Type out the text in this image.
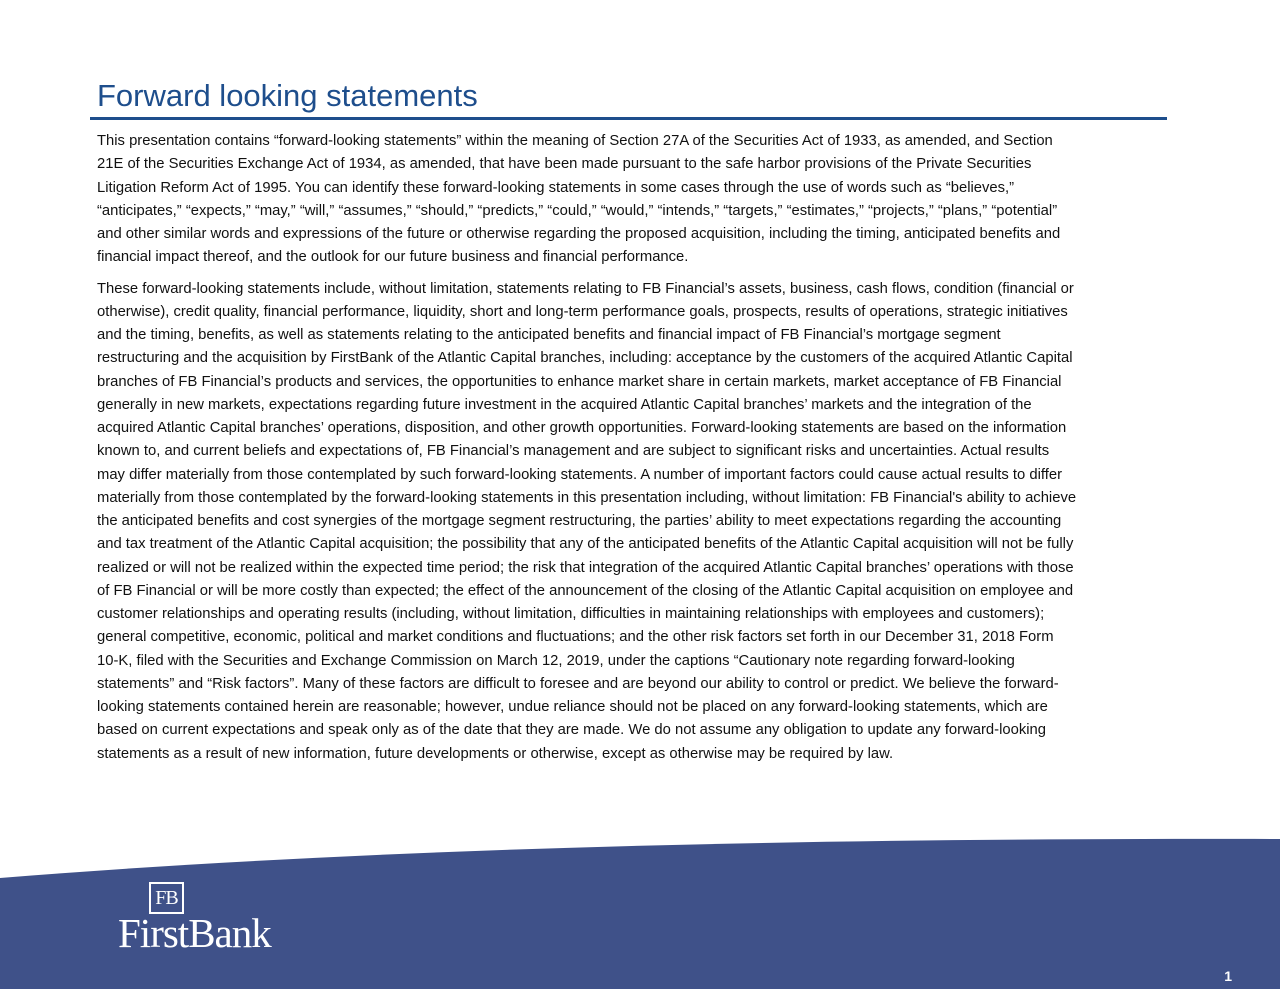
Forward looking statements

This presentation contains “forward-looking statements” within the meaning of Section 27A of the Securities Act of 1933, as amended, and Section
21E of the Securities Exchange Act of 1934, as amended, that have been made pursuant to the safe harbor provisions of the Private Securities
Litigation Reform Act of 1995. You can identify these forward-looking statements in some cases through the use of words such as “believes,”
“anticipates,” “expects,” “may,” “will,” “assumes,” “should,” “predicts,” “could,” “would,” “intends,” “targets,” “estimates,” “projects,” “plans,” “potential”
and other similar words and expressions of the future or otherwise regarding the proposed acquisition, including the timing, anticipated benefits and
financial impact thereof, and the outlook for our future business and financial performance.

These forward-looking statements include, without limitation, statements relating to FB Financial’s assets, business, cash flows, condition (financial or
otherwise), credit quality, financial performance, liquidity, short and long-term performance goals, prospects, results of operations, strategic initiatives
and the timing, benefits, as well as statements relating to the anticipated benefits and financial impact of FB Financial’s mortgage segment
restructuring and the acquisition by FirstBank of the Atlantic Capital branches, including: acceptance by the customers of the acquired Atlantic Capital
branches of FB Financial’s products and services, the opportunities to enhance market share in certain markets, market acceptance of FB Financial
generally in new markets, expectations regarding future investment in the acquired Atlantic Capital branches’ markets and the integration of the
acquired Atlantic Capital branches’ operations, disposition, and other growth opportunities. Forward-looking statements are based on the information
known to, and current beliefs and expectations of, FB Financial’s management and are subject to significant risks and uncertainties. Actual results
may differ materially from those contemplated by such forward-looking statements. A number of important factors could cause actual results to differ
materially from those contemplated by the forward-looking statements in this presentation including, without limitation: FB Financial's ability to achieve
the anticipated benefits and cost synergies of the mortgage segment restructuring, the parties’ ability to meet expectations regarding the accounting
and tax treatment of the Atlantic Capital acquisition; the possibility that any of the anticipated benefits of the Atlantic Capital acquisition will not be fully
realized or will not be realized within the expected time period; the risk that integration of the acquired Atlantic Capital branches’ operations with those
of FB Financial or will be more costly than expected; the effect of the announcement of the closing of the Atlantic Capital acquisition on employee and
customer relationships and operating results (including, without limitation, difficulties in maintaining relationships with employees and customers);
general competitive, economic, political and market conditions and fluctuations; and the other risk factors set forth in our December 31, 2018 Form
10-K, filed with the Securities and Exchange Commission on March 12, 2019, under the captions “Cautionary note regarding forward-looking
statements” and “Risk factors”. Many of these factors are difficult to foresee and are beyond our ability to control or predict. We believe the forward-
looking statements contained herein are reasonable; however, undue reliance should not be placed on any forward-looking statements, which are
based on current expectations and speak only as of the date that they are made. We do not assume any obligation to update any forward-looking
statements as a result of new information, future developments or otherwise, except as otherwise may be required by law.

FB
FirstBank
1
